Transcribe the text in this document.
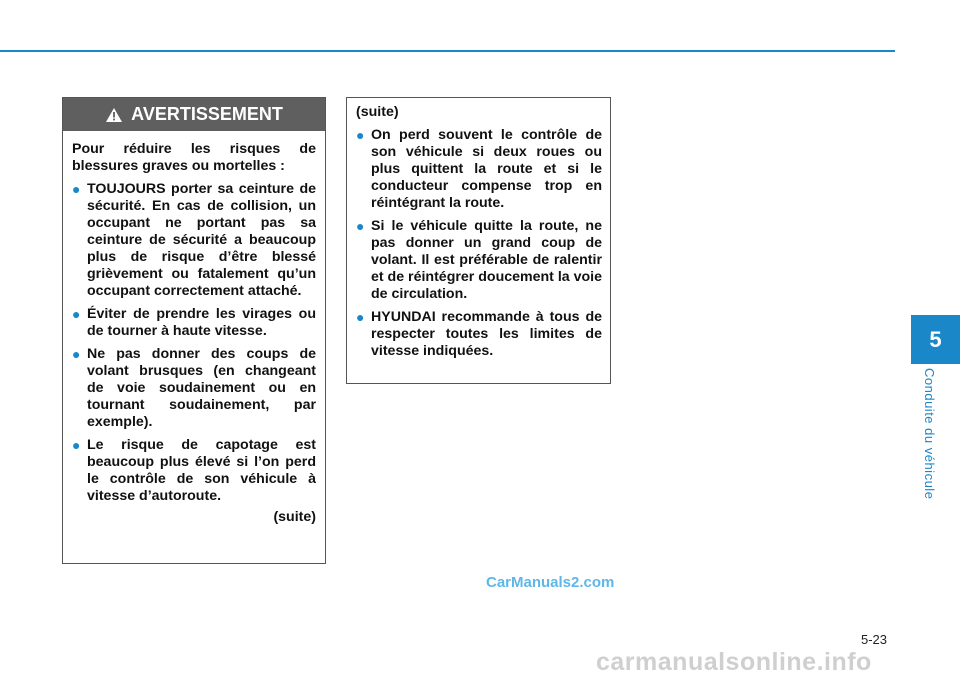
5
Conduite du véhicule
AVERTISSEMENT

Pour réduire les risques de blessures graves ou mortelles :

● TOUJOURS porter sa ceinture de sécurité. En cas de collision, un occupant ne portant pas sa ceinture de sécurité a beaucoup plus de risque d’être blessé grièvement ou fatalement qu’un occupant correctement attaché.
● Éviter de prendre les virages ou de tourner à haute vitesse.
● Ne pas donner des coups de volant brusques (en changeant de voie soudainement ou en tournant soudainement, par exemple).
● Le risque de capotage est beaucoup plus élevé si l’on perd le contrôle de son véhicule à vitesse d’autoroute.
(suite)

(suite)

● On perd souvent le contrôle de son véhicule si deux roues ou plus quittent la route et si le conducteur compense trop en réintégrant la route.
● Si le véhicule quitte la route, ne pas donner un grand coup de volant. Il est préférable de ralentir et de réintégrer doucement la voie de circulation.
● HYUNDAI recommande à tous de respecter toutes les limites de vitesse indiquées.
CarManuals2.com
5-23
carmanualsonline.info
